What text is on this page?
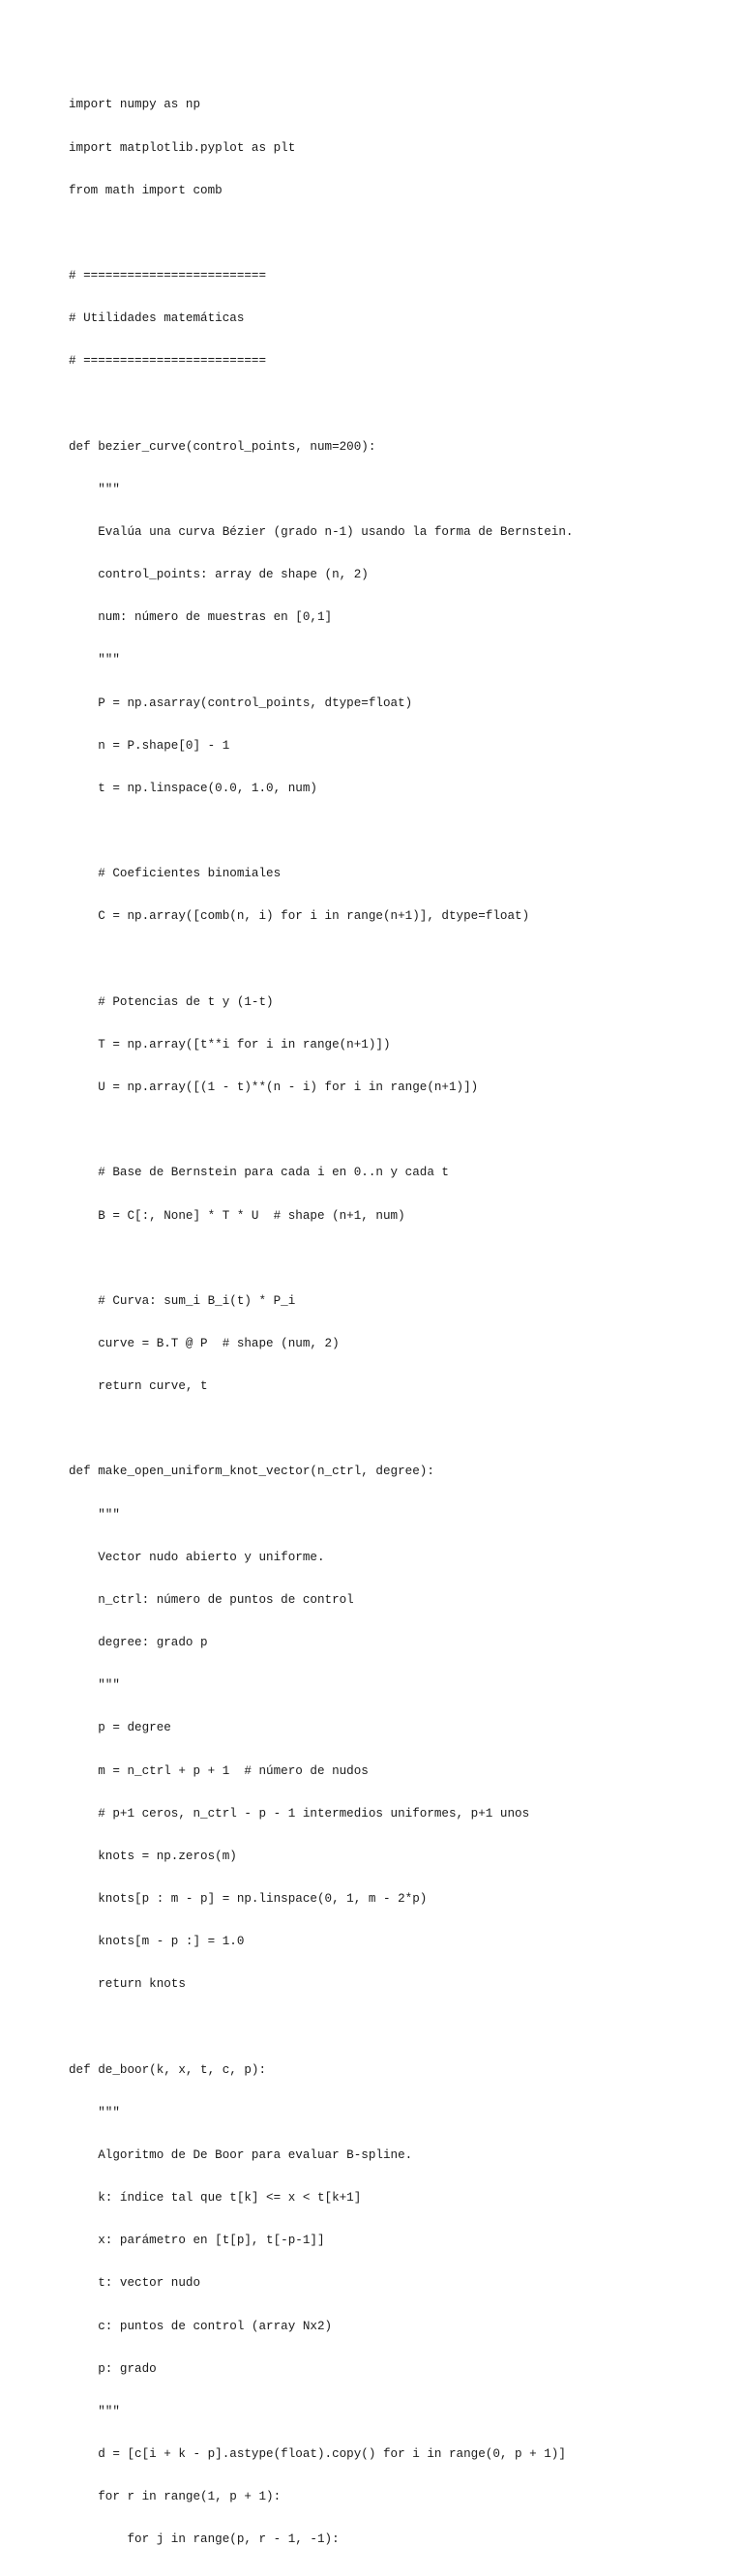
import numpy as np

import matplotlib.pyplot as plt

from math import comb

# =========================

# Utilidades matemáticas

# =========================

def bezier_curve(control_points, num=200):

"""

Evalúa una curva Bézier (grado n-1) usando la forma de Bernstein.

control_points: array de shape (n, 2)

num: número de muestras en [0,1]

"""

P = np.asarray(control_points, dtype=float)

n = P.shape[0] - 1

t = np.linspace(0.0, 1.0, num)

# Coeficientes binomiales

C = np.array([comb(n, i) for i in range(n+1)], dtype=float)

# Potencias de t y (1-t)

T = np.array([t**i for i in range(n+1)])

U = np.array([(1 - t)**(n - i) for i in range(n+1)])

# Base de Bernstein para cada i en 0..n y cada t

B = C[:, None] * T * U  # shape (n+1, num)

# Curva: sum_i B_i(t) * P_i

curve = B.T @ P  # shape (num, 2)

return curve, t

def make_open_uniform_knot_vector(n_ctrl, degree):

"""

Vector nudo abierto y uniforme.

n_ctrl: número de puntos de control

degree: grado p

"""

p = degree

m = n_ctrl + p + 1  # número de nudos

# p+1 ceros, n_ctrl - p - 1 intermedios uniformes, p+1 unos

knots = np.zeros(m)

knots[p : m - p] = np.linspace(0, 1, m - 2*p)

knots[m - p :] = 1.0

return knots

def de_boor(k, x, t, c, p):

"""

Algoritmo de De Boor para evaluar B-spline.

k: índice tal que t[k] <= x < t[k+1]

x: parámetro en [t[p], t[-p-1]]

t: vector nudo

c: puntos de control (array Nx2)

p: grado

"""

d = [c[i + k - p].astype(float).copy() for i in range(0, p + 1)]

for r in range(1, p + 1):

for j in range(p, r - 1, -1):
